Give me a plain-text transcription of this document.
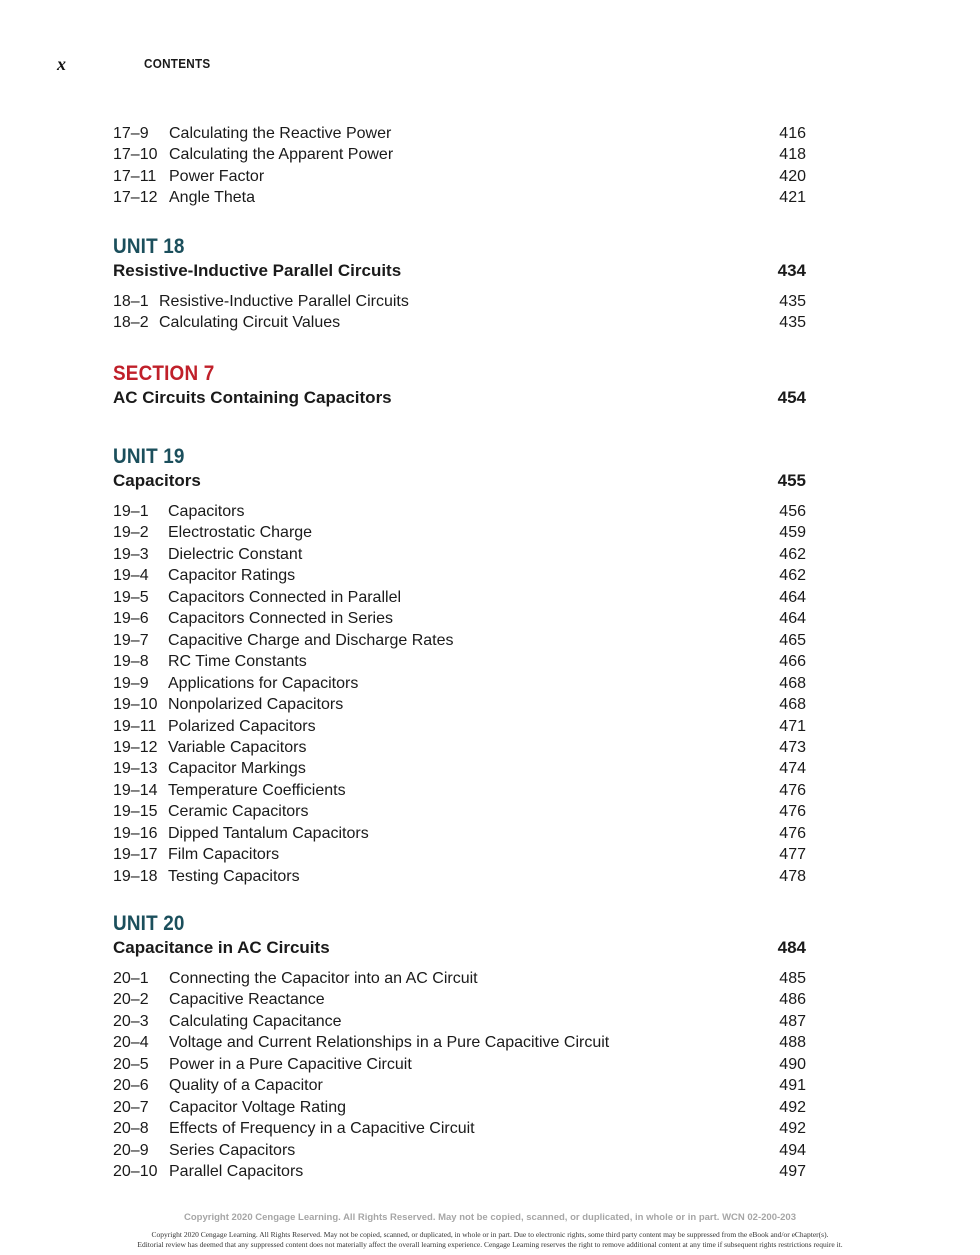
x	CONTENTS
17–9 Calculating the Reactive Power	416
17–10 Calculating the Apparent Power	418
17–11 Power Factor	420
17–12 Angle Theta	421
UNIT 18
Resistive-Inductive Parallel Circuits	434
18–1 Resistive-Inductive Parallel Circuits	435
18–2 Calculating Circuit Values	435
SECTION 7
AC Circuits Containing Capacitors	454
UNIT 19
Capacitors	455
19–1 Capacitors	456
19–2 Electrostatic Charge	459
19–3 Dielectric Constant	462
19–4 Capacitor Ratings	462
19–5 Capacitors Connected in Parallel	464
19–6 Capacitors Connected in Series	464
19–7 Capacitive Charge and Discharge Rates	465
19–8 RC Time Constants	466
19–9 Applications for Capacitors	468
19–10 Nonpolarized Capacitors	468
19–11 Polarized Capacitors	471
19–12 Variable Capacitors	473
19–13 Capacitor Markings	474
19–14 Temperature Coefficients	476
19–15 Ceramic Capacitors	476
19–16 Dipped Tantalum Capacitors	476
19–17 Film Capacitors	477
19–18 Testing Capacitors	478
UNIT 20
Capacitance in AC Circuits	484
20–1 Connecting the Capacitor into an AC Circuit	485
20–2 Capacitive Reactance	486
20–3 Calculating Capacitance	487
20–4 Voltage and Current Relationships in a Pure Capacitive Circuit	488
20–5 Power in a Pure Capacitive Circuit	490
20–6 Quality of a Capacitor	491
20–7 Capacitor Voltage Rating	492
20–8 Effects of Frequency in a Capacitive Circuit	492
20–9 Series Capacitors	494
20–10 Parallel Capacitors	497
Copyright 2020 Cengage Learning. All Rights Reserved. May not be copied, scanned, or duplicated, in whole or in part. WCN 02-200-203
Copyright 2020 Cengage Learning. All Rights Reserved. May not be copied, scanned, or duplicated, in whole or in part. Due to electronic rights, some third party content may be suppressed from the eBook and/or eChapter(s).
Editorial review has deemed that any suppressed content does not materially affect the overall learning experience. Cengage Learning reserves the right to remove additional content at any time if subsequent rights restrictions require it.
